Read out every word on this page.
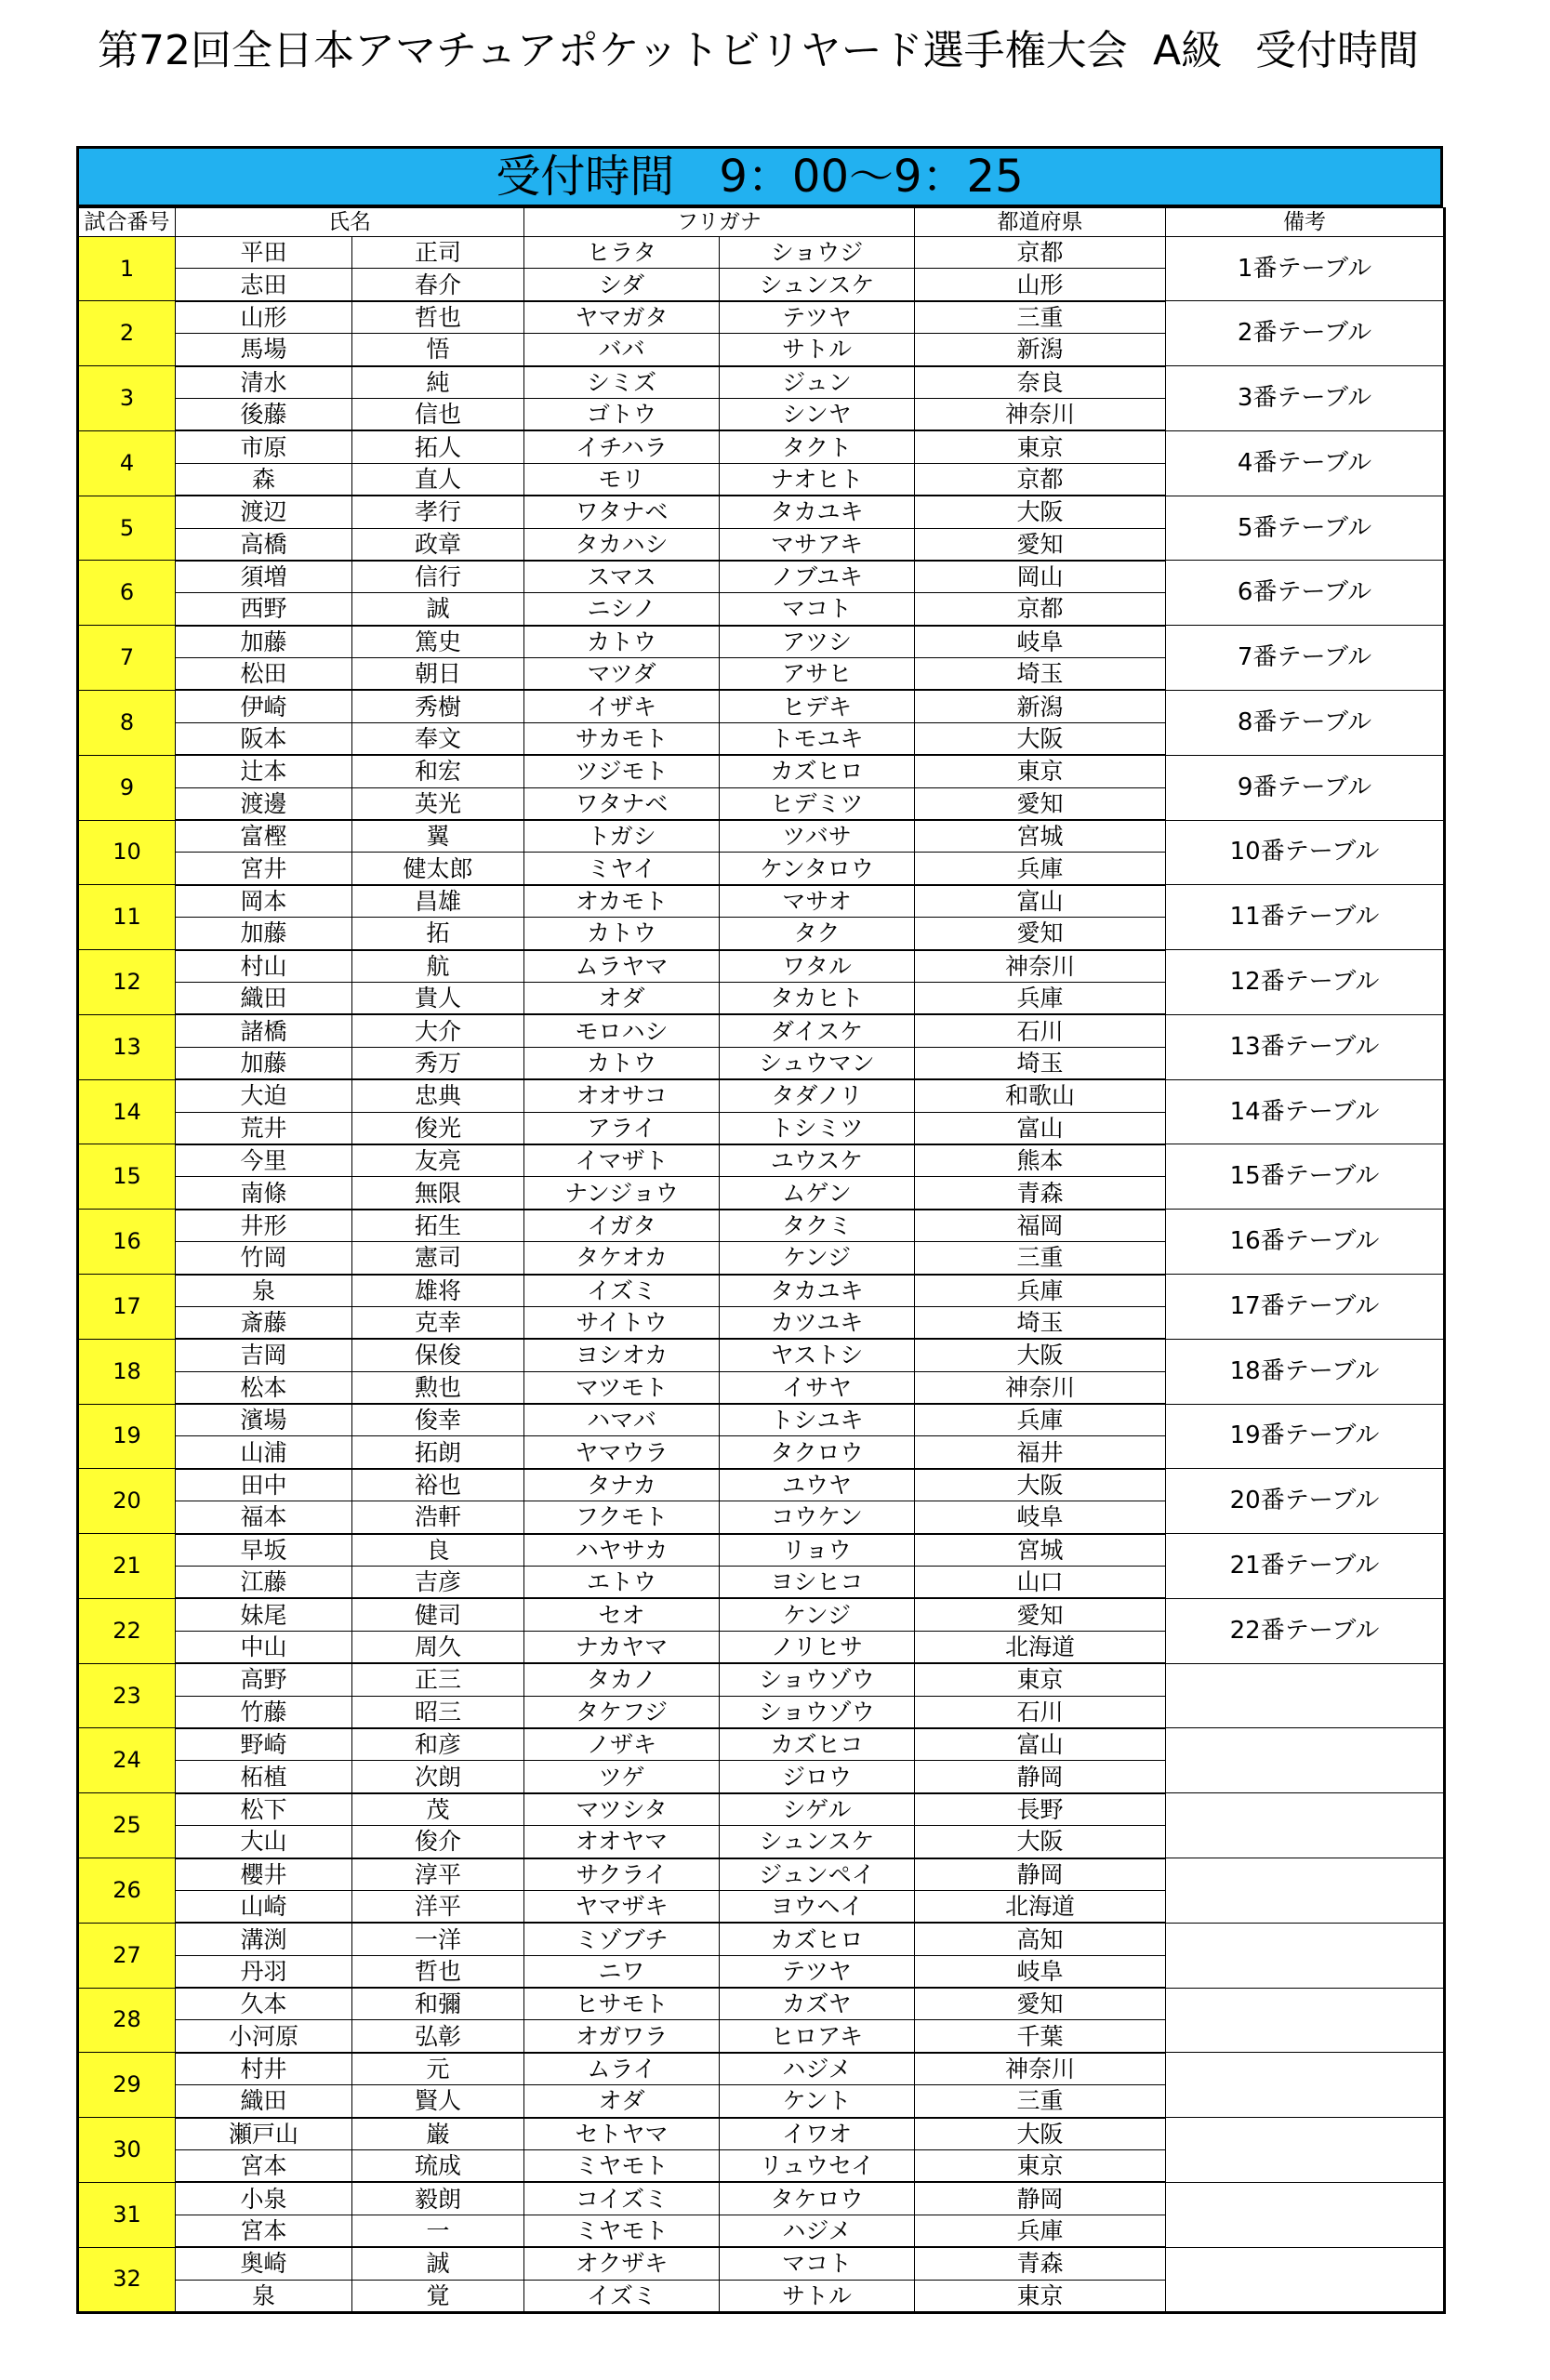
第72回全日本アマチュアポケットビリヤード選手権大会 A級 受付時間
受付時間　9：00～9：25
試合番号	氏名		フリガナ		都道府県	備考
1	平田	正司	ヒラタ	ショウジ	京都	1番テーブル
	志田	春介	シダ	シュンスケ	山形	
2	山形	哲也	ヤマガタ	テツヤ	三重	2番テーブル
	馬場	悟	ババ	サトル	新潟	
3	清水	純	シミズ	ジュン	奈良	3番テーブル
	後藤	信也	ゴトウ	シンヤ	神奈川	
4	市原	拓人	イチハラ	タクト	東京	4番テーブル
	森	直人	モリ	ナオヒト	京都	
5	渡辺	孝行	ワタナベ	タカユキ	大阪	5番テーブル
	高橋	政章	タカハシ	マサアキ	愛知	
6	須増	信行	スマス	ノブユキ	岡山	6番テーブル
	西野	誠	ニシノ	マコト	京都	
7	加藤	篤史	カトウ	アツシ	岐阜	7番テーブル
	松田	朝日	マツダ	アサヒ	埼玉	
8	伊崎	秀樹	イザキ	ヒデキ	新潟	8番テーブル
	阪本	奉文	サカモト	トモユキ	大阪	
9	辻本	和宏	ツジモト	カズヒロ	東京	9番テーブル
	渡邊	英光	ワタナベ	ヒデミツ	愛知	
10	富樫	翼	トガシ	ツバサ	宮城	10番テーブル
	宮井	健太郎	ミヤイ	ケンタロウ	兵庫	
11	岡本	昌雄	オカモト	マサオ	富山	11番テーブル
	加藤	拓	カトウ	タク	愛知	
12	村山	航	ムラヤマ	ワタル	神奈川	12番テーブル
	織田	貴人	オダ	タカヒト	兵庫	
13	諸橋	大介	モロハシ	ダイスケ	石川	13番テーブル
	加藤	秀万	カトウ	シュウマン	埼玉	
14	大迫	忠典	オオサコ	タダノリ	和歌山	14番テーブル
	荒井	俊光	アライ	トシミツ	富山	
15	今里	友亮	イマザト	ユウスケ	熊本	15番テーブル
	南條	無限	ナンジョウ	ムゲン	青森	
16	井形	拓生	イガタ	タクミ	福岡	16番テーブル
	竹岡	憲司	タケオカ	ケンジ	三重	
17	泉	雄将	イズミ	タカユキ	兵庫	17番テーブル
	斎藤	克幸	サイトウ	カツユキ	埼玉	
18	吉岡	保俊	ヨシオカ	ヤストシ	大阪	18番テーブル
	松本	勲也	マツモト	イサヤ	神奈川	
19	濱場	俊幸	ハマバ	トシユキ	兵庫	19番テーブル
	山浦	拓朗	ヤマウラ	タクロウ	福井	
20	田中	裕也	タナカ	ユウヤ	大阪	20番テーブル
	福本	浩軒	フクモト	コウケン	岐阜	
21	早坂	良	ハヤサカ	リョウ	宮城	21番テーブル
	江藤	吉彦	エトウ	ヨシヒコ	山口	
22	妹尾	健司	セオ	ケンジ	愛知	22番テーブル
	中山	周久	ナカヤマ	ノリヒサ	北海道	
23	高野	正三	タカノ	ショウゾウ	東京	
	竹藤	昭三	タケフジ	ショウゾウ	石川	
24	野崎	和彦	ノザキ	カズヒコ	富山	
	柘植	次朗	ツゲ	ジロウ	静岡	
25	松下	茂	マツシタ	シゲル	長野	
	大山	俊介	オオヤマ	シュンスケ	大阪	
26	櫻井	淳平	サクライ	ジュンペイ	静岡	
	山崎	洋平	ヤマザキ	ヨウヘイ	北海道	
27	溝渕	一洋	ミゾブチ	カズヒロ	高知	
	丹羽	哲也	ニワ	テツヤ	岐阜	
28	久本	和彌	ヒサモト	カズヤ	愛知	
	小河原	弘彰	オガワラ	ヒロアキ	千葉	
29	村井	元	ムライ	ハジメ	神奈川	
	織田	賢人	オダ	ケント	三重	
30	瀬戸山	巌	セトヤマ	イワオ	大阪	
	宮本	琉成	ミヤモト	リュウセイ	東京	
31	小泉	毅朗	コイズミ	タケロウ	静岡	
	宮本	一	ミヤモト	ハジメ	兵庫	
32	奥崎	誠	オクザキ	マコト	青森	
	泉	覚	イズミ	サトル	東京	
